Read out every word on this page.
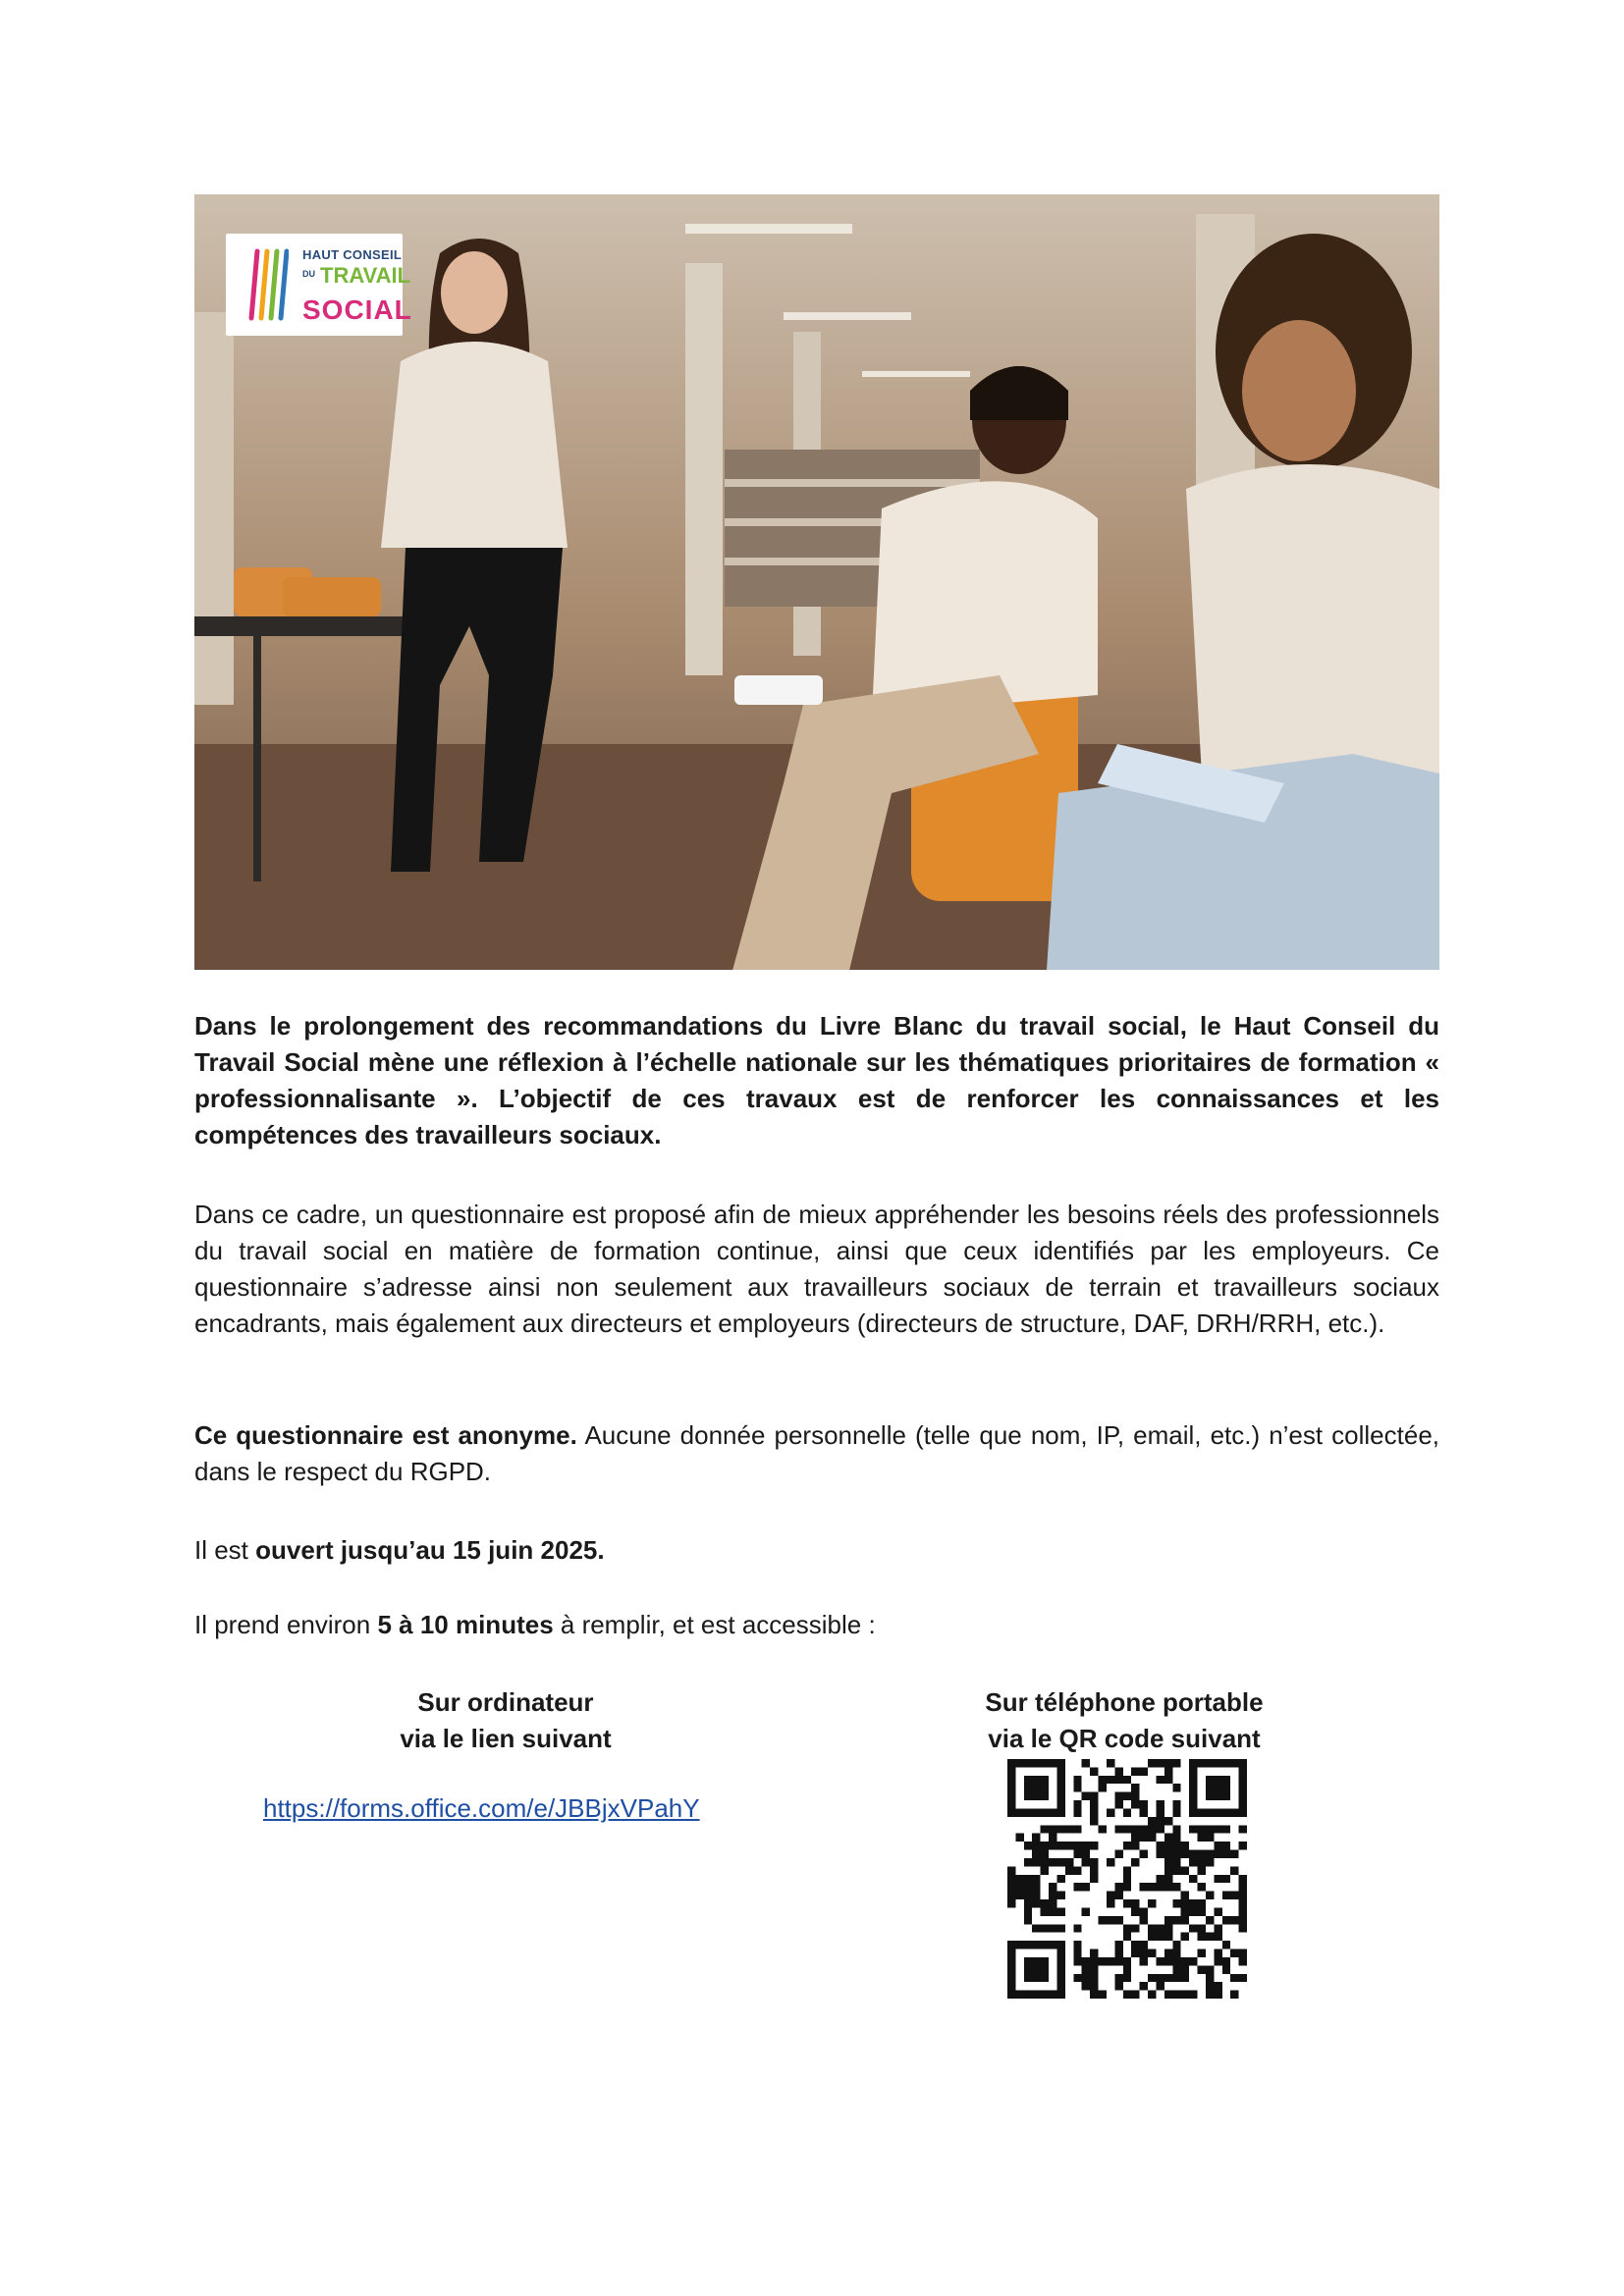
HAUT CONSEIL
DU TRAVAIL
SOCIAL

Dans le prolongement des recommandations du Livre Blanc du travail social, le Haut Conseil du Travail Social mène une réflexion à l’échelle nationale sur les thématiques prioritaires de formation « professionnalisante ». L’objectif de ces travaux est de renforcer les connaissances et les compétences des travailleurs sociaux.

Dans ce cadre, un questionnaire est proposé afin de mieux appréhender les besoins réels des professionnels du travail social en matière de formation continue, ainsi que ceux identifiés par les employeurs. Ce questionnaire s’adresse ainsi non seulement aux travailleurs sociaux de terrain et travailleurs sociaux encadrants, mais également aux directeurs et employeurs (directeurs de structure, DAF, DRH/RRH, etc.).

Ce questionnaire est anonyme. Aucune donnée personnelle (telle que nom, IP, email, etc.) n’est collectée, dans le respect du RGPD.

Il est ouvert jusqu’au 15 juin 2025.

Il prend environ 5 à 10 minutes à remplir, et est accessible :

Sur ordinateur
via le lien suivant
https://forms.office.com/e/JBBjxVPahY
Sur téléphone portable
via le QR code suivant
